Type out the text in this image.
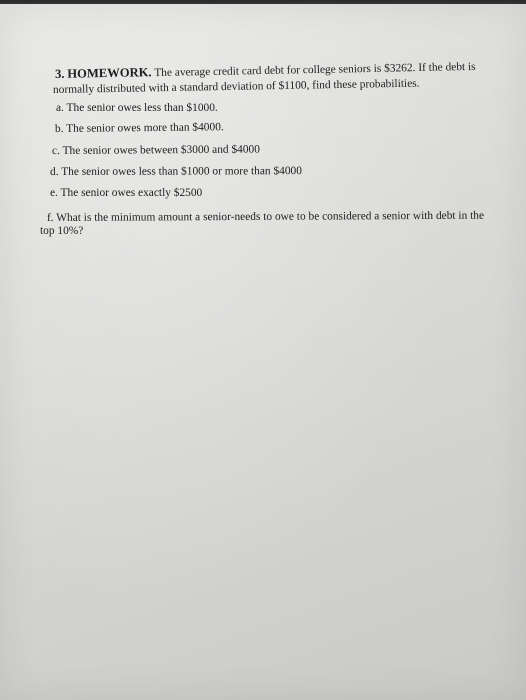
3. HOMEWORK. The average credit card debt for college seniors is $3262. If the debt is
normally distributed with a standard deviation of $1100, find these probabilities.
a. The senior owes less than $1000.
b. The senior owes more than $4000.
c. The senior owes between $3000 and $4000
d. The senior owes less than $1000 or more than $4000
e. The senior owes exactly $2500
f. What is the minimum amount a senior-needs to owe to be considered a senior with debt in the
top 10%?
